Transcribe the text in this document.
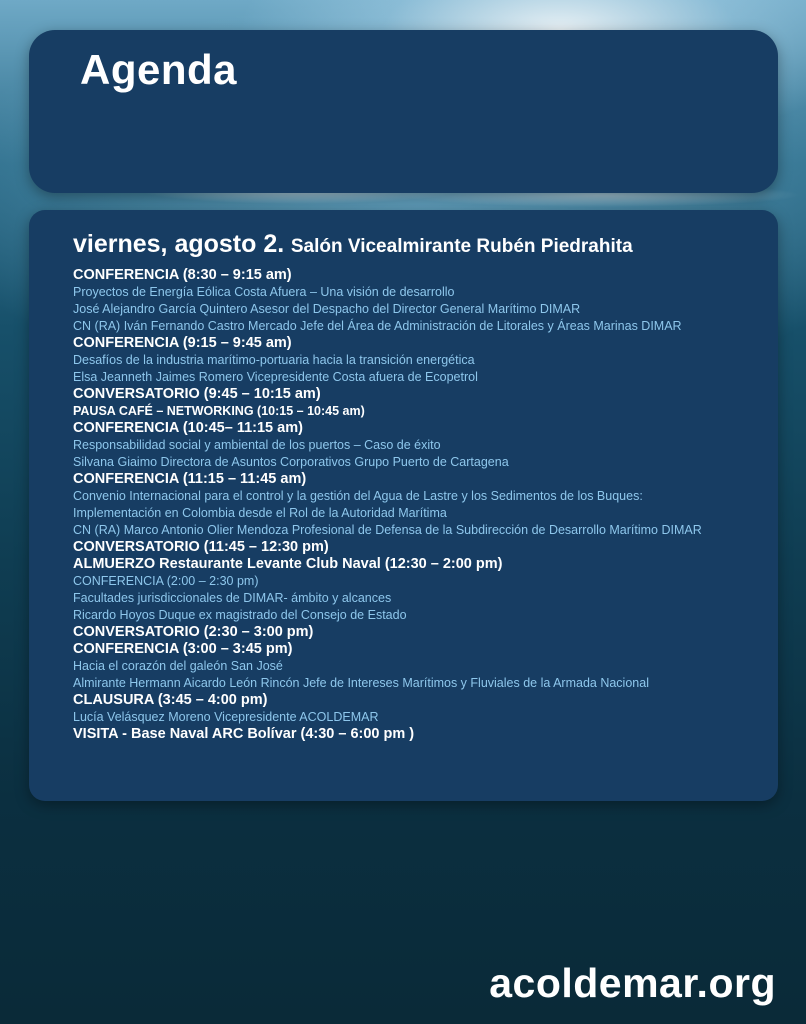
Agenda
viernes, agosto 2. Salón Vicealmirante Rubén Piedrahita
CONFERENCIA (8:30 – 9:15 am)
Proyectos de Energía Eólica Costa Afuera – Una visión de desarrollo
José Alejandro García Quintero Asesor del Despacho del Director General Marítimo DIMAR
CN (RA) Iván Fernando Castro Mercado Jefe del Área de Administración de Litorales y Áreas Marinas DIMAR
CONFERENCIA (9:15 – 9:45 am)
Desafíos de la industria marítimo-portuaria hacia la transición energética
Elsa Jeanneth Jaimes Romero Vicepresidente Costa afuera de Ecopetrol
CONVERSATORIO (9:45 – 10:15 am)
PAUSA CAFÉ – NETWORKING (10:15 – 10:45 am)
CONFERENCIA (10:45– 11:15 am)
Responsabilidad social y ambiental de los puertos – Caso de éxito
Silvana Giaimo Directora de Asuntos Corporativos Grupo Puerto de Cartagena
CONFERENCIA (11:15 – 11:45 am)
Convenio Internacional para el control y la gestión del Agua de Lastre y los Sedimentos de los Buques:
Implementación en Colombia desde el Rol de la Autoridad Marítima
CN (RA) Marco Antonio Olier Mendoza Profesional de Defensa de la Subdirección de Desarrollo Marítimo DIMAR
CONVERSATORIO (11:45 – 12:30 pm)
ALMUERZO Restaurante Levante Club Naval (12:30 – 2:00 pm)
CONFERENCIA (2:00 – 2:30 pm)
Facultades jurisdiccionales de DIMAR- ámbito y alcances
Ricardo Hoyos Duque ex magistrado del Consejo de Estado
CONVERSATORIO (2:30 – 3:00 pm)
CONFERENCIA (3:00 – 3:45 pm)
Hacia el corazón del galeón San José
Almirante Hermann Aicardo León Rincón Jefe de Intereses Marítimos y Fluviales de la Armada Nacional
CLAUSURA (3:45 – 4:00 pm)
Lucía Velásquez Moreno Vicepresidente ACOLDEMAR
VISITA - Base Naval ARC Bolívar (4:30 – 6:00 pm )

acoldemar.org
